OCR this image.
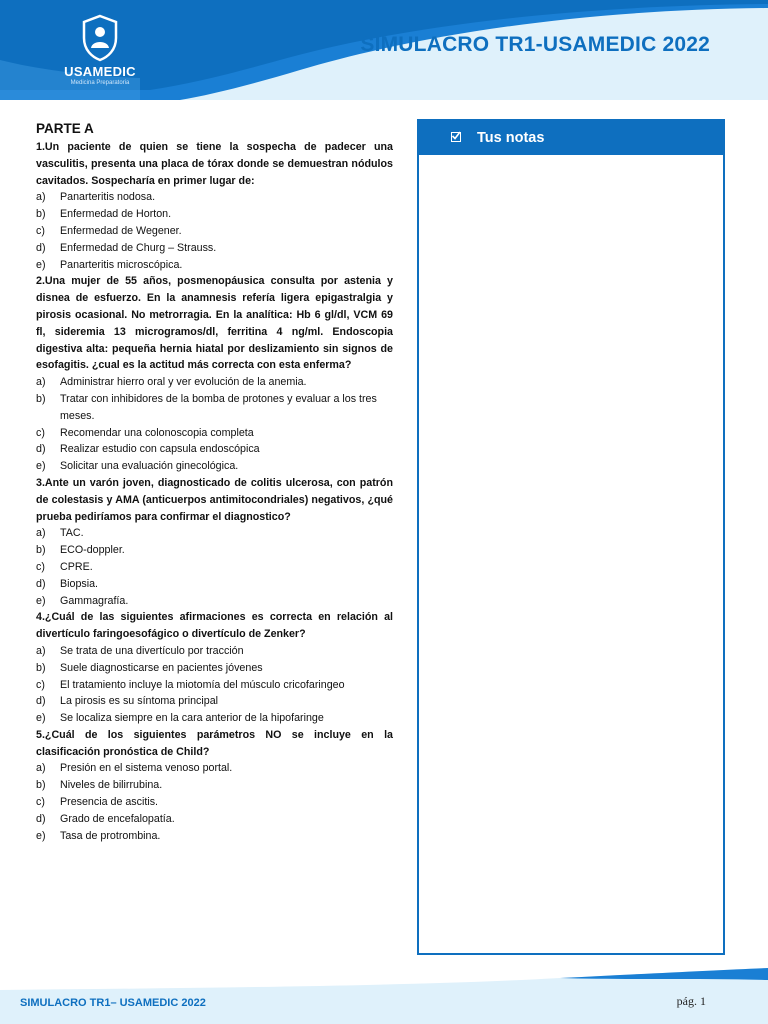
USAMEDIC
Medicina Preparatoria
SIMULACRO TR1-USAMEDIC 2022
PARTE A
1.Un paciente de quien se tiene la sospecha de padecer una vasculitis, presenta una placa de tórax donde se demuestran nódulos cavitados. Sospecharía en primer lugar de:
a)	Panarteritis nodosa.
b)	Enfermedad de Horton.
c)	Enfermedad de Wegener.
d)	Enfermedad de Churg – Strauss.
e)	Panarteritis microscópica.
2.Una mujer de 55 años, posmenopáusica consulta por astenia y disnea de esfuerzo. En la anamnesis refería ligera epigastralgia y pirosis ocasional. No metrorragia. En la analítica: Hb 6 gl/dl, VCM 69 fl, sideremia 13 microgramos/dl, ferritina 4 ng/ml. Endoscopia digestiva alta: pequeña hernia hiatal por deslizamiento sin signos de esofagitis. ¿cual es la actitud más correcta con esta enferma?
a)	Administrar hierro oral y ver evolución de la anemia.
b)	Tratar con inhibidores de la bomba de protones y evaluar a los tres meses.
c)	Recomendar una colonoscopia completa
d)	Realizar estudio con capsula endoscópica
e)	Solicitar una evaluación ginecológica.
3.Ante un varón joven, diagnosticado de colitis ulcerosa, con patrón de colestasis y AMA (anticuerpos antimitocondriales) negativos, ¿qué prueba pediríamos para confirmar el diagnostico?
a)	TAC.
b)	ECO-doppler.
c)	CPRE.
d)	Biopsia.
e)	Gammagrafía.
4.¿Cuál de las siguientes afirmaciones es correcta en relación al divertículo faringoesofágico o divertículo de Zenker?
a)	Se trata de una divertículo por tracción
b)	Suele diagnosticarse en pacientes jóvenes
c)	El tratamiento incluye la miotomía del músculo cricofaringeo
d)	La pirosis es su síntoma principal
e)	Se localiza siempre en la cara anterior de la hipofaringe
5.¿Cuál de los siguientes parámetros NO se incluye en la clasificación pronóstica de Child?
a)	Presión en el sistema venoso portal.
b)	Niveles de bilirrubina.
c)	Presencia de ascitis.
d)	Grado de encefalopatía.
e)	Tasa de protrombina.
Tus notas
SIMULACRO TR1– USAMEDIC 2022	pág. 1
